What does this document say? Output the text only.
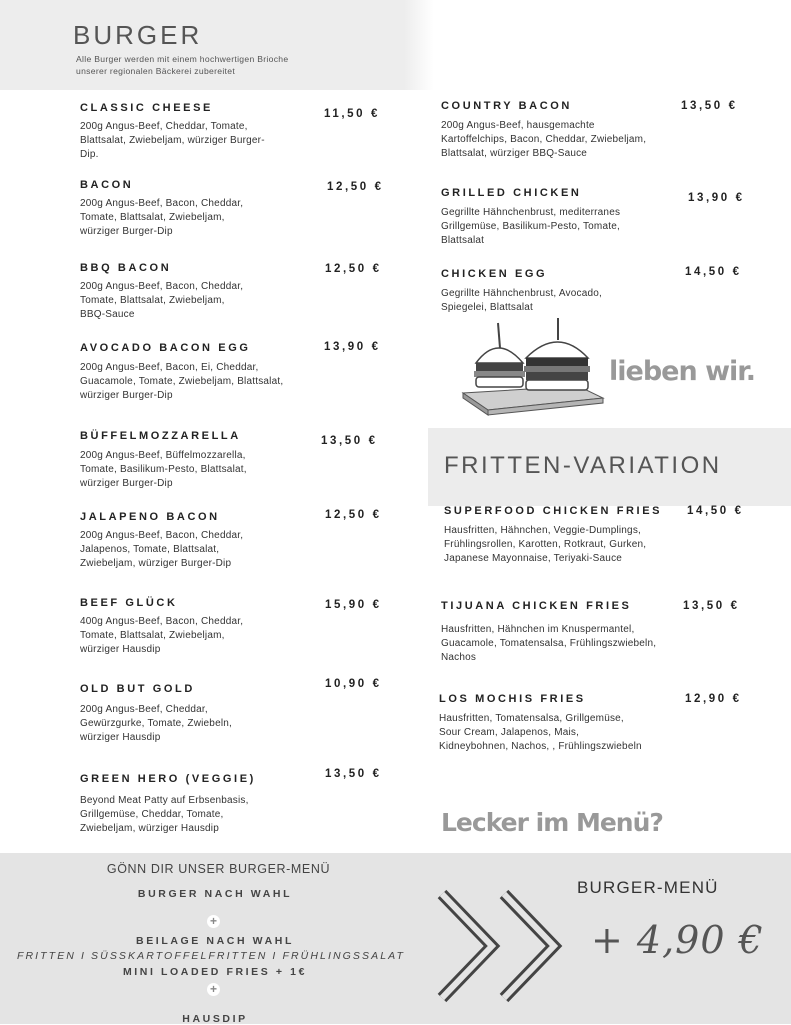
BURGER
Alle Burger werden mit einem hochwertigen Brioche
unserer regionalen Bäckerei zubereitet
CLASSIC CHEESE	11,50 €
200g Angus-Beef, Cheddar, Tomate,
Blattsalat, Zwiebeljam, würziger Burger-
Dip.
BACON	12,50 €
200g Angus-Beef, Bacon, Cheddar,
Tomate, Blattsalat, Zwiebeljam,
würziger Burger-Dip
BBQ BACON	12,50 €
200g Angus-Beef, Bacon, Cheddar,
Tomate, Blattsalat, Zwiebeljam,
BBQ-Sauce
AVOCADO BACON EGG	13,90 €
200g Angus-Beef, Bacon, Ei, Cheddar,
Guacamole, Tomate, Zwiebeljam, Blattsalat,
würziger Burger-Dip
BÜFFELMOZZARELLA	13,50 €
200g Angus-Beef, Büffelmozzarella,
Tomate, Basilikum-Pesto, Blattsalat,
würziger Burger-Dip
JALAPENO BACON	12,50 €
200g Angus-Beef, Bacon, Cheddar,
Jalapenos, Tomate, Blattsalat,
Zwiebeljam, würziger Burger-Dip
BEEF GLÜCK	15,90 €
400g Angus-Beef, Bacon, Cheddar,
Tomate, Blattsalat, Zwiebeljam,
würziger Hausdip
OLD BUT GOLD	10,90 €
200g Angus-Beef, Cheddar,
Gewürzgurke, Tomate, Zwiebeln,
würziger Hausdip
GREEN HERO (VEGGIE)	13,50 €
Beyond Meat Patty auf Erbsenbasis,
Grillgemüse, Cheddar, Tomate,
Zwiebeljam, würziger Hausdip
COUNTRY BACON	13,50 €
200g Angus-Beef, hausgemachte
Kartoffelchips, Bacon, Cheddar, Zwiebeljam,
Blattsalat, würziger BBQ-Sauce
GRILLED CHICKEN	13,90 €
Gegrillte Hähnchenbrust, mediterranes
Grillgemüse, Basilikum-Pesto, Tomate,
Blattsalat
CHICKEN EGG	14,50 €
Gegrillte Hähnchenbrust, Avocado,
Spiegelei, Blattsalat
lieben wir.
FRITTEN-VARIATION
SUPERFOOD CHICKEN FRIES 14,50 €
Hausfritten, Hähnchen, Veggie-Dumplings,
Frühlingsrollen, Karotten, Rotkraut, Gurken,
Japanese Mayonnaise, Teriyaki-Sauce
TIJUANA CHICKEN FRIES	13,50 €
Hausfritten, Hähnchen im Knuspermantel,
Guacamole, Tomatensalsa, Frühlingszwiebeln,
Nachos
LOS MOCHIS FRIES	12,90 €
Hausfritten, Tomatensalsa, Grillgemüse,
Sour Cream, Jalapenos, Mais,
Kidneybohnen, Nachos, , Frühlingszwiebeln
Lecker im Menü?
GÖNN DIR UNSER BURGER-MENÜ
BURGER NACH WAHL
+
BEILAGE NACH WAHL
FRITTEN I SÜSSKARTOFFELFRITTEN I FRÜHLINGSSALAT
MINI LOADED FRIES + 1€
+
HAUSDIP
BURGER-MENÜ
+ 4,90 €
